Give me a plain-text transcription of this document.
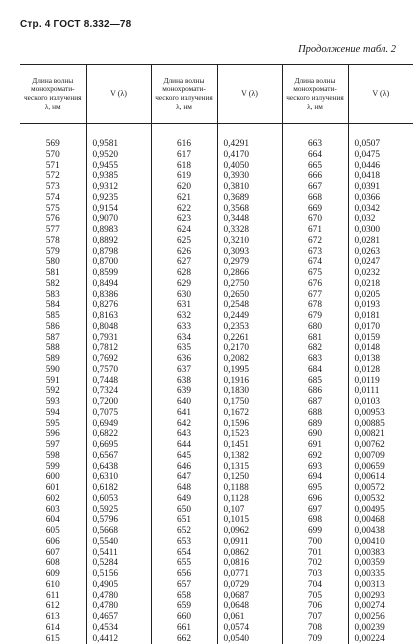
Стр. 4 ГОСТ 8.332—78
Продолжение табл. 2
Длина волны монохромати- ческого излучения λ, нм	V (λ)	Длина волны монохромати- ческого излучения λ, нм	V (λ)	Длина волны монохромати- ческого излучения λ, нм	V (λ)
569	0,9581	616	0,4291	663	0,0507
570	0,9520	617	0,4170	664	0,0475
571	0,9455	618	0,4050	665	0,0446
572	0,9385	619	0,3930	666	0,0418
573	0,9312	620	0,3810	667	0,0391
574	0,9235	621	0,3689	668	0,0366
575	0,9154	622	0,3568	669	0,0342
576	0,9070	623	0,3448	670	0,032
577	0,8983	624	0,3328	671	0,0300
578	0,8892	625	0,3210	672	0,0281
579	0,8798	626	0,3093	673	0,0263
580	0,8700	627	0,2979	674	0,0247
581	0,8599	628	0,2866	675	0,0232
582	0,8494	629	0,2750	676	0,0218
583	0,8386	630	0,2650	677	0,0205
584	0,8276	631	0,2548	678	0,0193
585	0,8163	632	0,2449	679	0,0181
586	0,8048	633	0,2353	680	0,0170
587	0,7931	634	0,2261	681	0,0159
588	0,7812	635	0,2170	682	0,0148
589	0,7692	636	0,2082	683	0,0138
590	0,7570	637	0,1995	684	0,0128
591	0,7448	638	0,1916	685	0,0119
592	0,7324	639	0,1830	686	0,0111
593	0,7200	640	0,1750	687	0,0103
594	0,7075	641	0,1672	688	0,00953
595	0,6949	642	0,1596	689	0,00885
596	0,6822	643	0,1523	690	0,00821
597	0,6695	644	0,1451	691	0,00762
598	0,6567	645	0,1382	692	0,00709
599	0,6438	646	0,1315	693	0,00659
600	0,6310	647	0,1250	694	0,00614
601	0,6182	648	0,1188	695	0,00572
602	0,6053	649	0,1128	696	0,00532
603	0,5925	650	0,107	697	0,00495
604	0,5796	651	0,1015	698	0,00468
605	0,5668	652	0,0962	699	0,00438
606	0,5540	653	0,0911	700	0,00410
607	0,5411	654	0,0862	701	0,00383
608	0,5284	655	0,0816	702	0,00359
609	0,5156	656	0,0771	703	0,00335
610	0,4905	657	0,0729	704	0,00313
611	0,4780	658	0,0687	705	0,00293
612	0,4780	659	0,0648	706	0,00274
613	0,4657	660	0,061	707	0,00256
614	0,4534	661	0,0574	708	0,00239
615	0,4412	662	0,0540	709	0,00224
